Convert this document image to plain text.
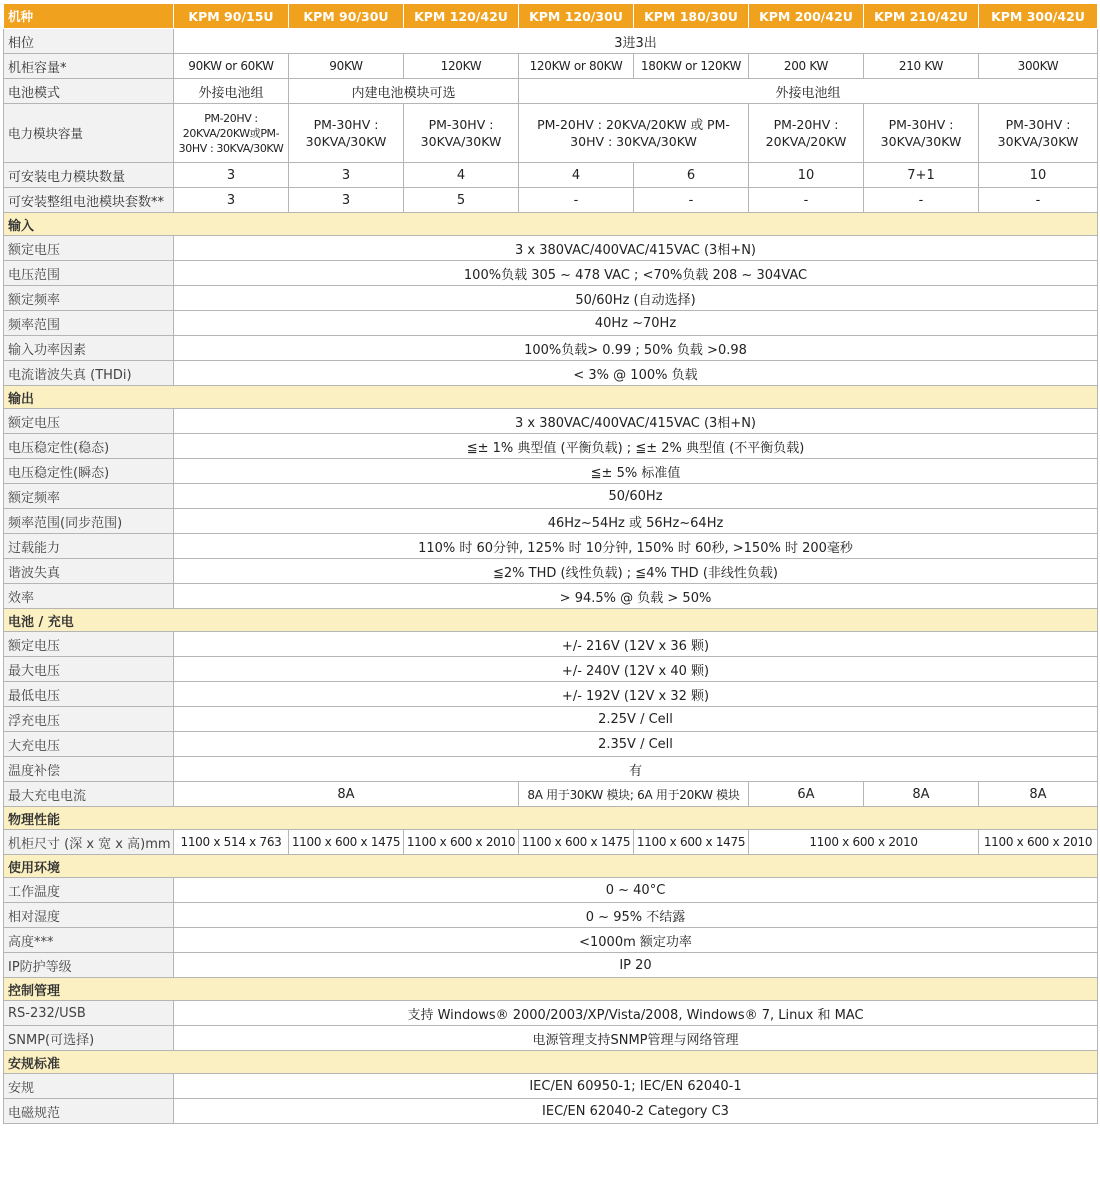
机种	KPM 90/15U	KPM 90/30U	KPM 120/42U	KPM 120/30U	KPM 180/30U	KPM 200/42U	KPM 210/42U	KPM 300/42U
相位	3进3出							
机柜容量*	90KW or 60KW	90KW	120KW	120KW or 80KW	180KW or 120KW	200 KW	210 KW	300KW
电池模式	外接电池组	内建电池模块可选		外接电池组				
电力模块容量	PM-20HV : 20KVA/20KW或PM-30HV : 30KVA/30KW	PM-30HV : 30KVA/30KW	PM-30HV : 30KVA/30KW	PM-20HV : 20KVA/20KW 或 PM-30HV : 30KVA/30KW		PM-20HV : 20KVA/20KW	PM-30HV : 30KVA/30KW	PM-30HV : 30KVA/30KW
可安装电力模块数量	3	3	4	4	6	10	7+1	10
可安装整组电池模块套数**	3	3	5	-	-	-	-	-
输入								
额定电压	3 x 380VAC/400VAC/415VAC (3相+N)							
电压范围	100%负载 305 ~ 478 VAC ; <70%负载 208 ~ 304VAC							
额定频率	50/60Hz (自动选择)							
频率范围	40Hz ~70Hz							
输入功率因素	100%负载> 0.99 ; 50% 负载 >0.98							
电流谐波失真 (THDi)	< 3% @ 100% 负载							
输出								
额定电压	3 x 380VAC/400VAC/415VAC (3相+N)							
电压稳定性(稳态)	≦± 1% 典型值 (平衡负载) ; ≦± 2% 典型值 (不平衡负载)							
电压稳定性(瞬态)	≦± 5% 标准值							
额定频率	50/60Hz							
频率范围(同步范围)	46Hz~54Hz 或 56Hz~64Hz							
过载能力	110% 时 60分钟, 125% 时 10分钟, 150% 时 60秒, >150% 时 200毫秒							
谐波失真	≦2% THD (线性负载) ; ≦4% THD (非线性负载)							
效率	> 94.5% @ 负载 > 50%							
电池 / 充电								
额定电压	+/- 216V (12V x 36 颗)							
最大电压	+/- 240V (12V x 40 颗)							
最低电压	+/- 192V (12V x 32 颗)							
浮充电压	2.25V / Cell							
大充电压	2.35V / Cell							
温度补偿	有							
最大充电电流	8A			8A 用于30KW 模块; 6A 用于20KW 模块		6A	8A	8A
物理性能								
机柜尺寸 (深 x 宽 x 高)mm	1100 x 514 x 763	1100 x 600 x 1475	1100 x 600 x 2010	1100 x 600 x 1475	1100 x 600 x 1475	1100 x 600 x 2010		1100 x 600 x 2010
使用环境								
工作温度	0 ~ 40°C							
相对湿度	0 ~ 95% 不结露							
高度***	<1000m 额定功率							
IP防护等级	IP 20							
控制管理								
RS-232/USB	支持 Windows® 2000/2003/XP/Vista/2008, Windows® 7, Linux 和 MAC							
SNMP(可选择)	电源管理支持SNMP管理与网络管理							
安规标准								
安规	IEC/EN 60950-1; IEC/EN 62040-1							
电磁规范	IEC/EN 62040-2 Category C3							
